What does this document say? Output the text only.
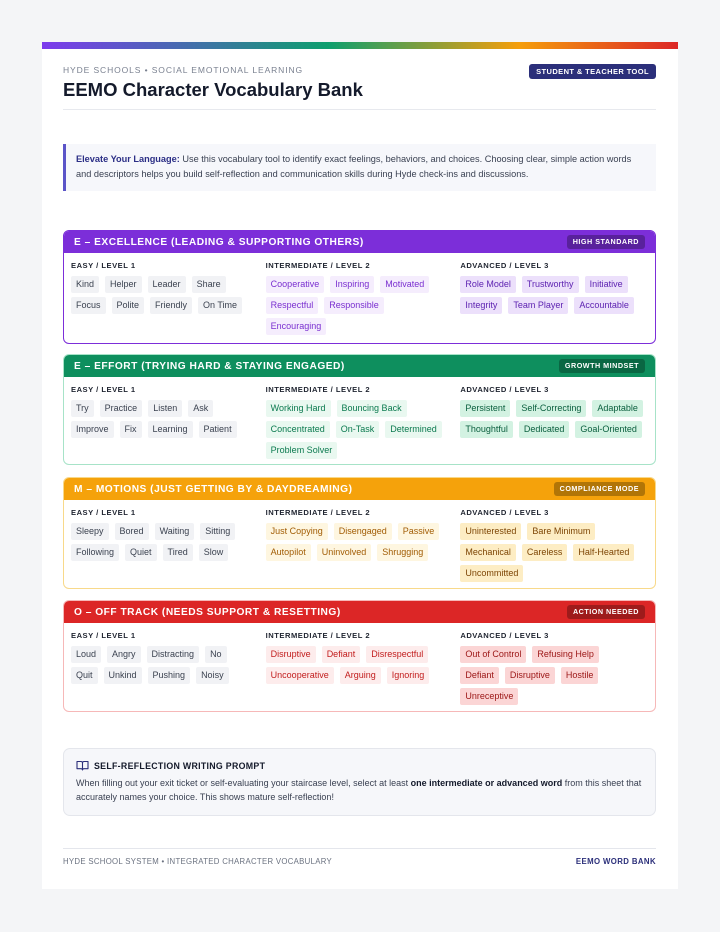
HYDE SCHOOLS • SOCIAL EMOTIONAL LEARNING
EEMO Character Vocabulary Bank
STUDENT & TEACHER TOOL
Elevate Your Language: Use this vocabulary tool to identify exact feelings, behaviors, and choices. Choosing clear, simple action words and descriptors helps you build self-reflection and communication skills during Hyde check-ins and discussions.
E – EXCELLENCE (LEADING & SUPPORTING OTHERS)	HIGH STANDARD
EASY / LEVEL 1
Kind	Helper	Leader	Share
Focus	Polite	Friendly	On Time
INTERMEDIATE / LEVEL 2
Cooperative	Inspiring	Motivated
Respectful	Responsible
Encouraging
ADVANCED / LEVEL 3
Role Model	Trustworthy	Initiative
Integrity	Team Player	Accountable
E – EFFORT (TRYING HARD & STAYING ENGAGED)	GROWTH MINDSET
EASY / LEVEL 1
Try	Practice	Listen	Ask
Improve	Fix	Learning	Patient
INTERMEDIATE / LEVEL 2
Working Hard	Bouncing Back
Concentrated	On-Task	Determined
Problem Solver
ADVANCED / LEVEL 3
Persistent	Self-Correcting	Adaptable
Thoughtful	Dedicated	Goal-Oriented
M – MOTIONS (JUST GETTING BY & DAYDREAMING)	COMPLIANCE MODE
EASY / LEVEL 1
Sleepy	Bored	Waiting	Sitting
Following	Quiet	Tired	Slow
INTERMEDIATE / LEVEL 2
Just Copying	Disengaged	Passive
Autopilot	Uninvolved	Shrugging
ADVANCED / LEVEL 3
Uninterested	Bare Minimum
Mechanical	Careless	Half-Hearted
Uncommitted
O – OFF TRACK (NEEDS SUPPORT & RESETTING)	ACTION NEEDED
EASY / LEVEL 1
Loud	Angry	Distracting	No
Quit	Unkind	Pushing	Noisy
INTERMEDIATE / LEVEL 2
Disruptive	Defiant	Disrespectful
Uncooperative	Arguing	Ignoring
ADVANCED / LEVEL 3
Out of Control	Refusing Help
Defiant	Disruptive	Hostile
Unreceptive
SELF-REFLECTION WRITING PROMPT
When filling out your exit ticket or self-evaluating your staircase level, select at least one intermediate or advanced word from this sheet that accurately names your choice. This shows mature self-reflection!
HYDE SCHOOL SYSTEM • INTEGRATED CHARACTER VOCABULARY	EEMO WORD BANK
